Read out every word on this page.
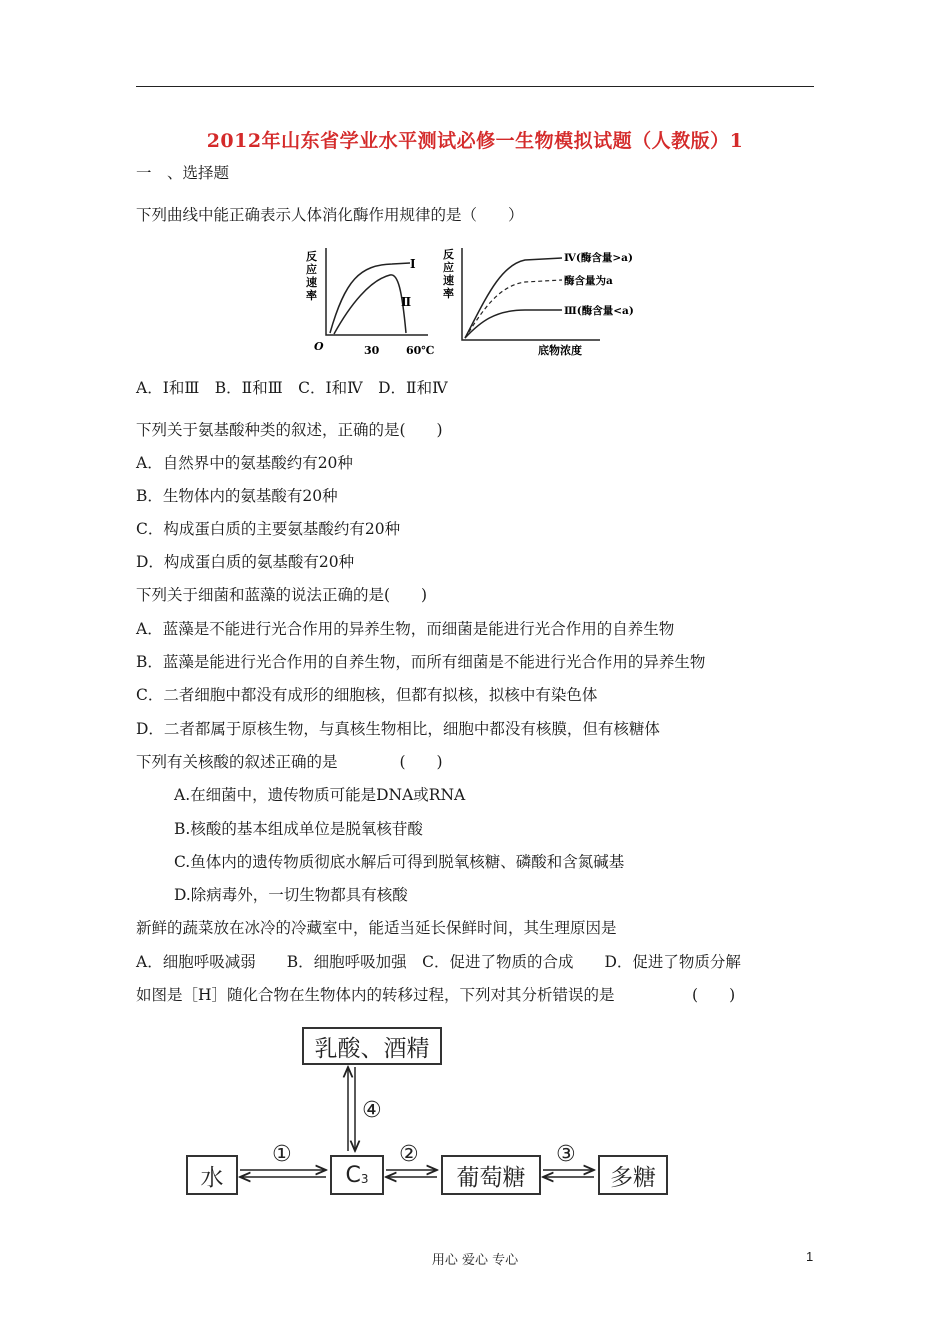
2012年山东省学业水平测试必修一生物模拟试题（人教版）1
一　、选择题
下列曲线中能正确表示人体消化酶作用规律的是（　　）
反
应
速
率
O	30 60℃
Ⅰ
Ⅱ
反
应
速
率
底物浓度
Ⅳ(酶含量>a)
酶含量为a
Ⅲ(酶含量<a)
A．Ⅰ和Ⅲ　B．Ⅱ和Ⅲ　C．Ⅰ和Ⅳ　D．Ⅱ和Ⅳ
下列关于氨基酸种类的叙述，正确的是(　　)
A．自然界中的氨基酸约有20种
B．生物体内的氨基酸有20种
C．构成蛋白质的主要氨基酸约有20种
D．构成蛋白质的氨基酸有20种
下列关于细菌和蓝藻的说法正确的是(　　)
A．蓝藻是不能进行光合作用的异养生物，而细菌是能进行光合作用的自养生物
B．蓝藻是能进行光合作用的自养生物，而所有细菌是不能进行光合作用的异养生物
C．二者细胞中都没有成形的细胞核，但都有拟核，拟核中有染色体
D．二者都属于原核生物，与真核生物相比，细胞中都没有核膜，但有核糖体
下列有关核酸的叙述正确的是　　　　(　　)
A.在细菌中，遗传物质可能是DNA或RNA
B.核酸的基本组成单位是脱氧核苷酸
C.鱼体内的遗传物质彻底水解后可得到脱氧核糖、磷酸和含氮碱基
D.除病毒外，一切生物都具有核酸
新鲜的蔬菜放在冰冷的冷藏室中，能适当延长保鲜时间，其生理原因是
A．细胞呼吸减弱　　B．细胞呼吸加强　C．促进了物质的合成　　D．促进了物质分解
如图是［H］随化合物在生物体内的转移过程，下列对其分析错误的是　　　　　(　　)
乳酸、酒精
水	C 3	葡萄糖	多糖
①	②	③
④
用心 爱心 专心	1
